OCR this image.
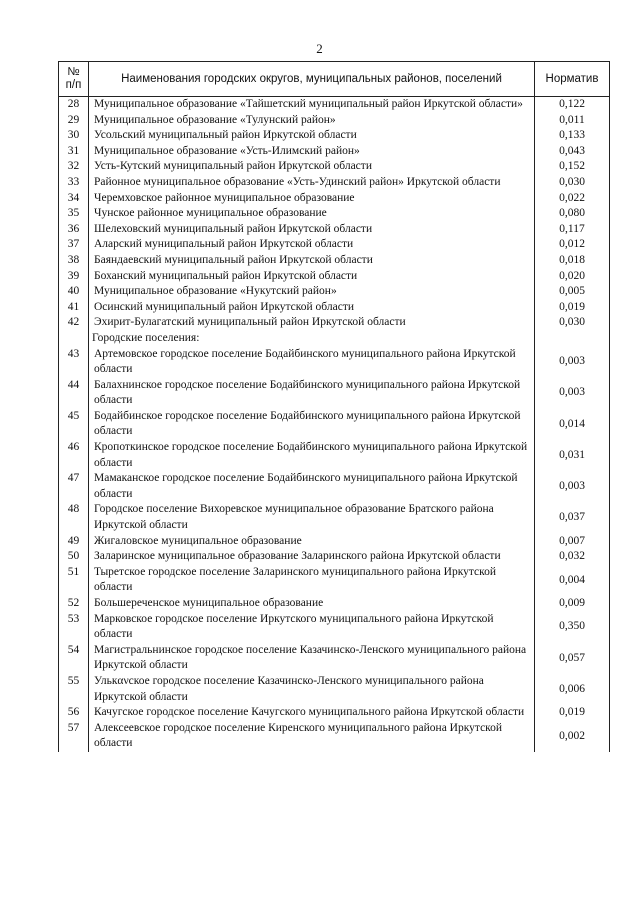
2
№
п/п	Наименования городских округов, муниципальных районов, поселений	Норматив
28	Муниципальное образование «Тайшетский муниципальный район Иркутской области»	0,122
29	Муниципальное образование «Тулунский район»	0,011
30	Усольский муниципальный район Иркутской области	0,133
31	Муниципальное образование «Усть-Илимский район»	0,043
32	Усть-Кутский муниципальный район Иркутской области	0,152
33	Районное муниципальное образование «Усть-Удинский район» Иркутской области	0,030
34	Черемховское районное муниципальное образование	0,022
35	Чунское районное муниципальное образование	0,080
36	Шелеховский муниципальный район Иркутской области	0,117
37	Аларский муниципальный район Иркутской области	0,012
38	Баяндаевский муниципальный район Иркутской области	0,018
39	Боханский муниципальный район Иркутской области	0,020
40	Муниципальное образование «Нукутский район»	0,005
41	Осинский муниципальный район Иркутской области	0,019
42	Эхирит-Булагатский муниципальный район Иркутской области	0,030
	Городские поселения:	
43	Артемовское городское поселение Бодайбинского муниципального района Иркутской области	0,003
44	Балахнинское городское поселение Бодайбинского муниципального района Иркутской области	0,003
45	Бодайбинское городское поселение Бодайбинского муниципального района Иркутской области	0,014
46	Кропоткинское городское поселение Бодайбинского муниципального района Иркутской области	0,031
47	Мамаканское городское поселение Бодайбинского муниципального района Иркутской области	0,003
48	Городское поселение Вихоревское муниципальное образование Братского района Иркутской области	0,037
49	Жигаловское муниципальное образование	0,007
50	Заларинское муниципальное образование Заларинского района Иркутской области	0,032
51	Тыретское городское поселение Заларинского муниципального района Иркутской области	0,004
52	Большереченское муниципальное образование	0,009
53	Марковское городское поселение Иркутского муниципального района Иркутской области	0,350
54	Магистральнинское городское поселение Казачинско-Ленского муниципального района Иркутской области	0,057
55	Улькανское городское поселение Казачинско-Ленского муниципального района Иркутской области	0,006
56	Качугское городское поселение Качугского муниципального района Иркутской области	0,019
57	Алексеевское городское поселение Киренского муниципального района Иркутской области	0,002
